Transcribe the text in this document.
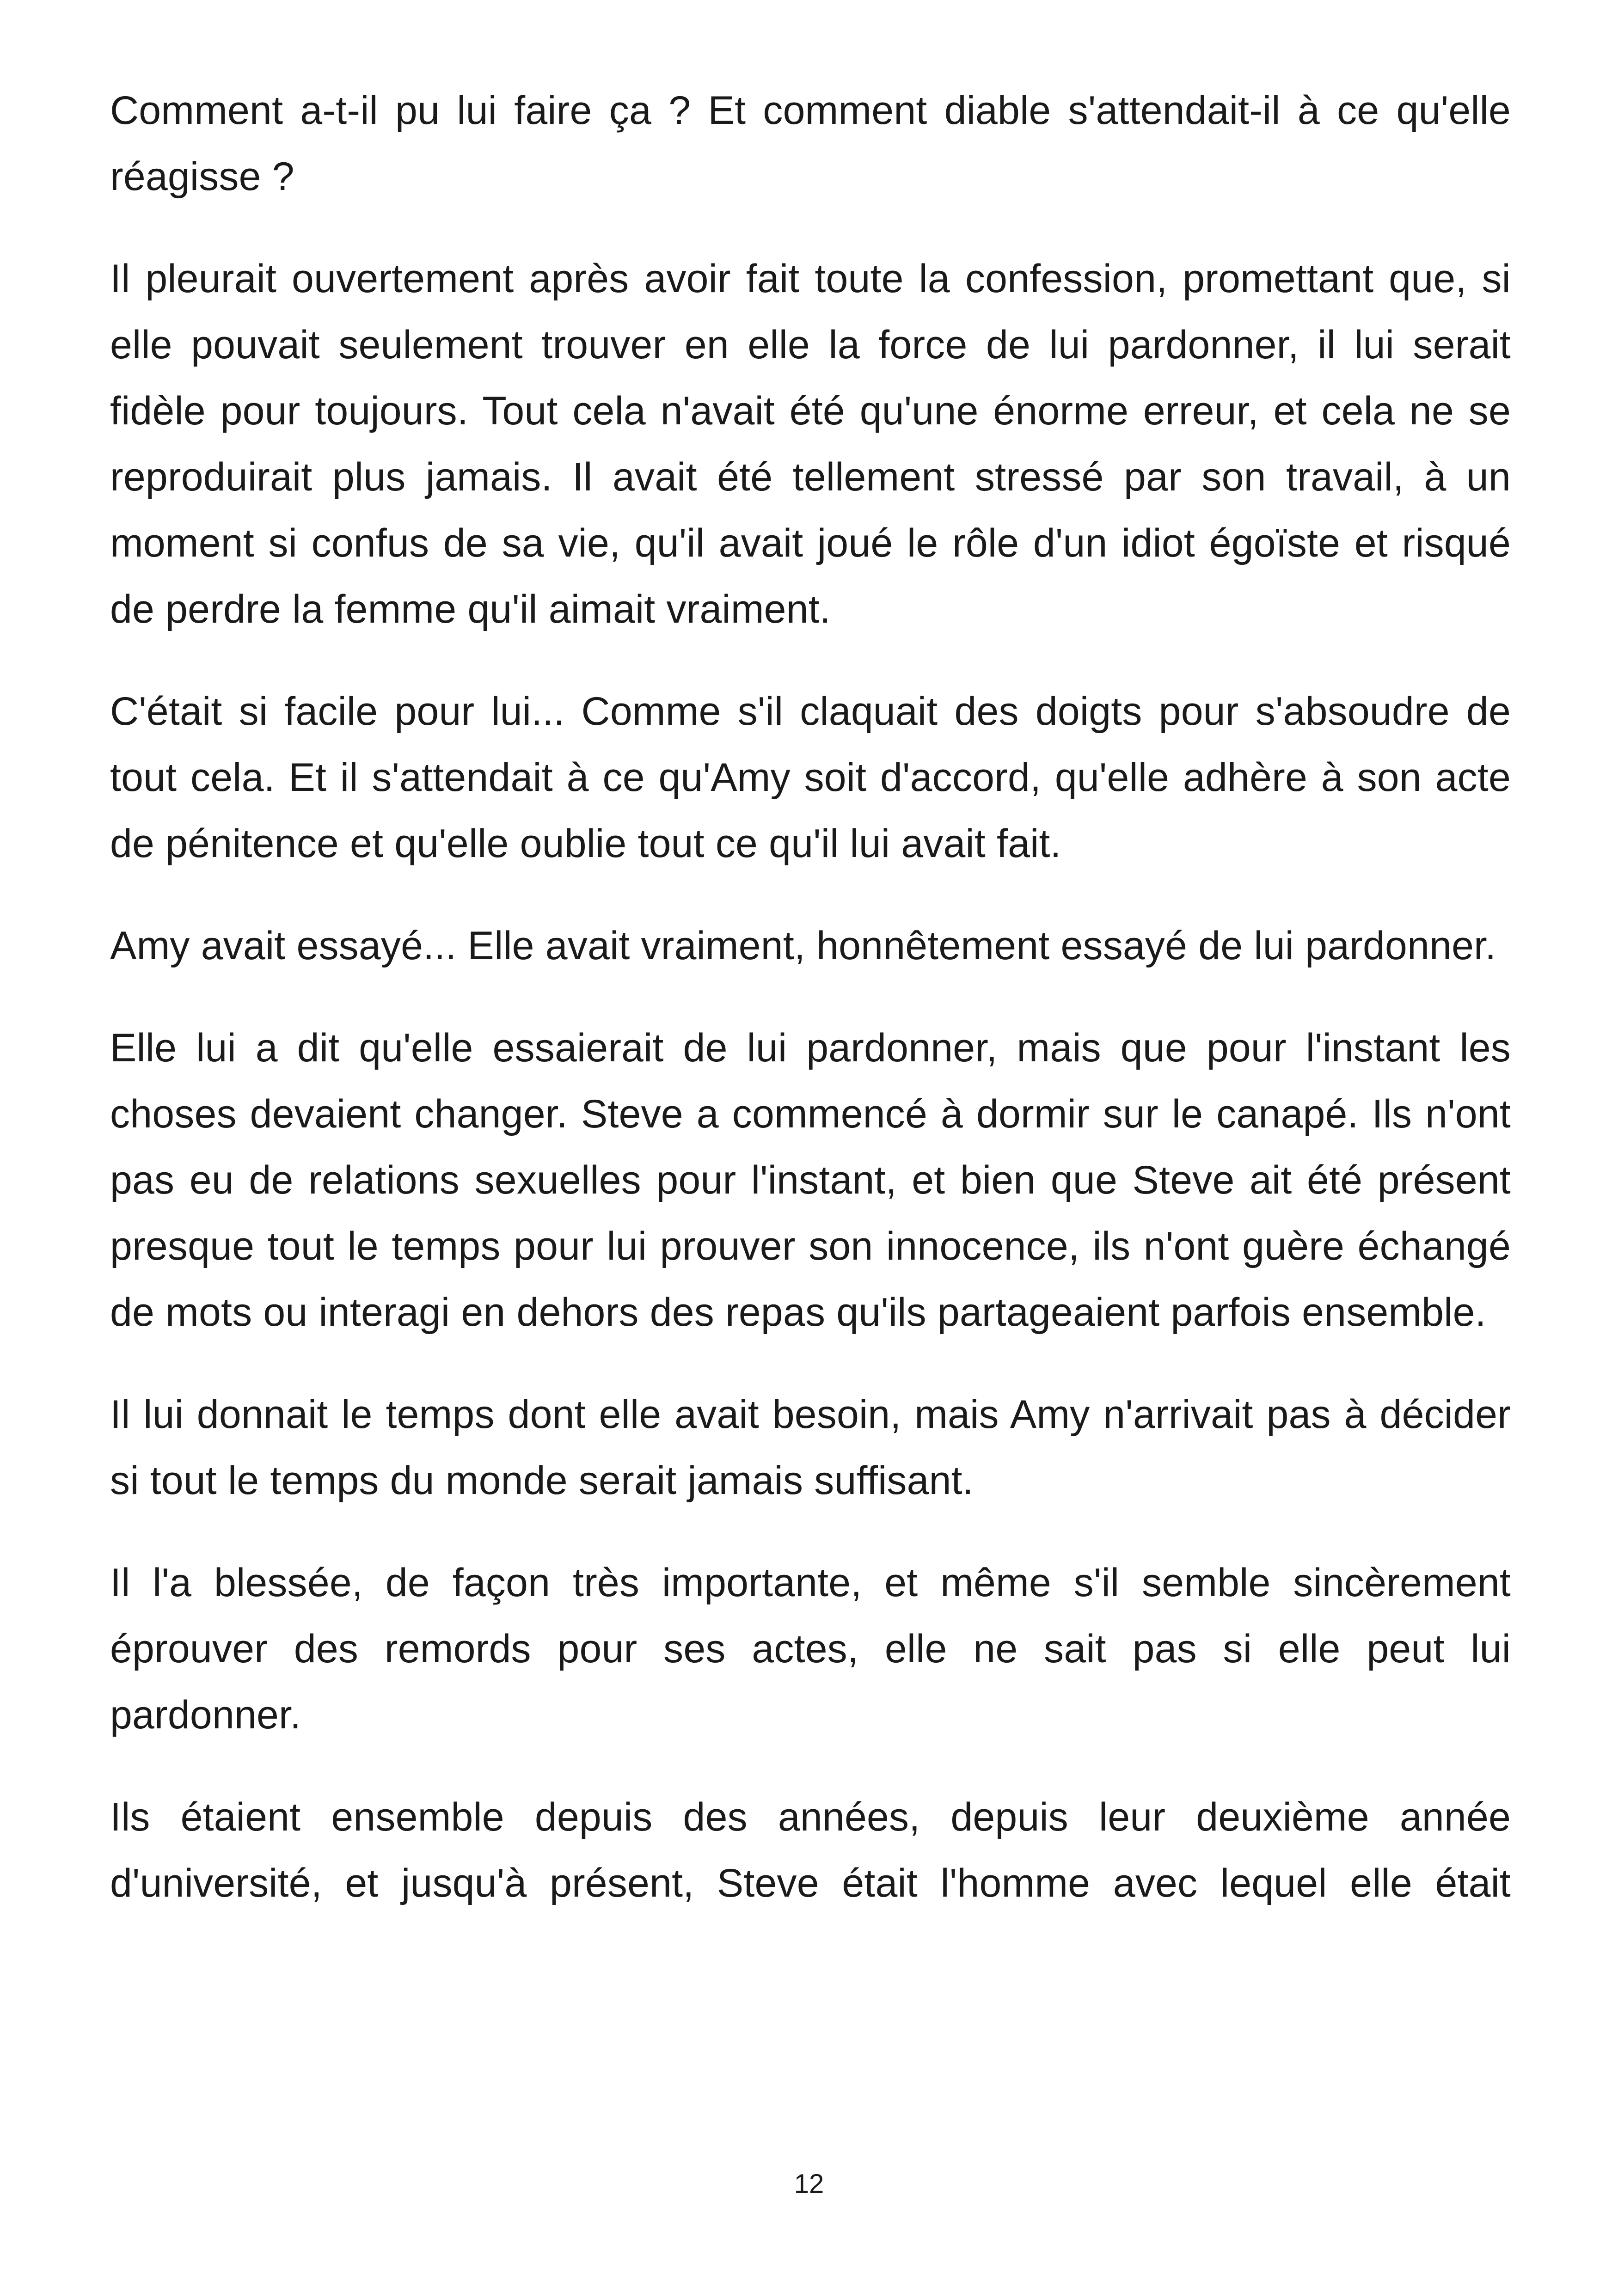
Comment a-t-il pu lui faire ça ? Et comment diable s'attendait-il à ce qu'elle réagisse ?

Il pleurait ouvertement après avoir fait toute la confession, promettant que, si elle pouvait seulement trouver en elle la force de lui pardonner, il lui serait fidèle pour toujours. Tout cela n'avait été qu'une énorme erreur, et cela ne se reproduirait plus jamais. Il avait été tellement stressé par son travail, à un moment si confus de sa vie, qu'il avait joué le rôle d'un idiot égoïste et risqué de perdre la femme qu'il aimait vraiment.

C'était si facile pour lui... Comme s'il claquait des doigts pour s'absoudre de tout cela. Et il s'attendait à ce qu'Amy soit d'accord, qu'elle adhère à son acte de pénitence et qu'elle oublie tout ce qu'il lui avait fait.

Amy avait essayé... Elle avait vraiment, honnêtement essayé de lui pardonner.

Elle lui a dit qu'elle essaierait de lui pardonner, mais que pour l'instant les choses devaient changer. Steve a commencé à dormir sur le canapé. Ils n'ont pas eu de relations sexuelles pour l'instant, et bien que Steve ait été présent presque tout le temps pour lui prouver son innocence, ils n'ont guère échangé de mots ou interagi en dehors des repas qu'ils partageaient parfois ensemble.

Il lui donnait le temps dont elle avait besoin, mais Amy n'arrivait pas à décider si tout le temps du monde serait jamais suffisant.

Il l'a blessée, de façon très importante, et même s'il semble sincèrement éprouver des remords pour ses actes, elle ne sait pas si elle peut lui pardonner.

Ils étaient ensemble depuis des années, depuis leur deuxième année d'université, et jusqu'à présent, Steve était l'homme avec lequel elle était

12
